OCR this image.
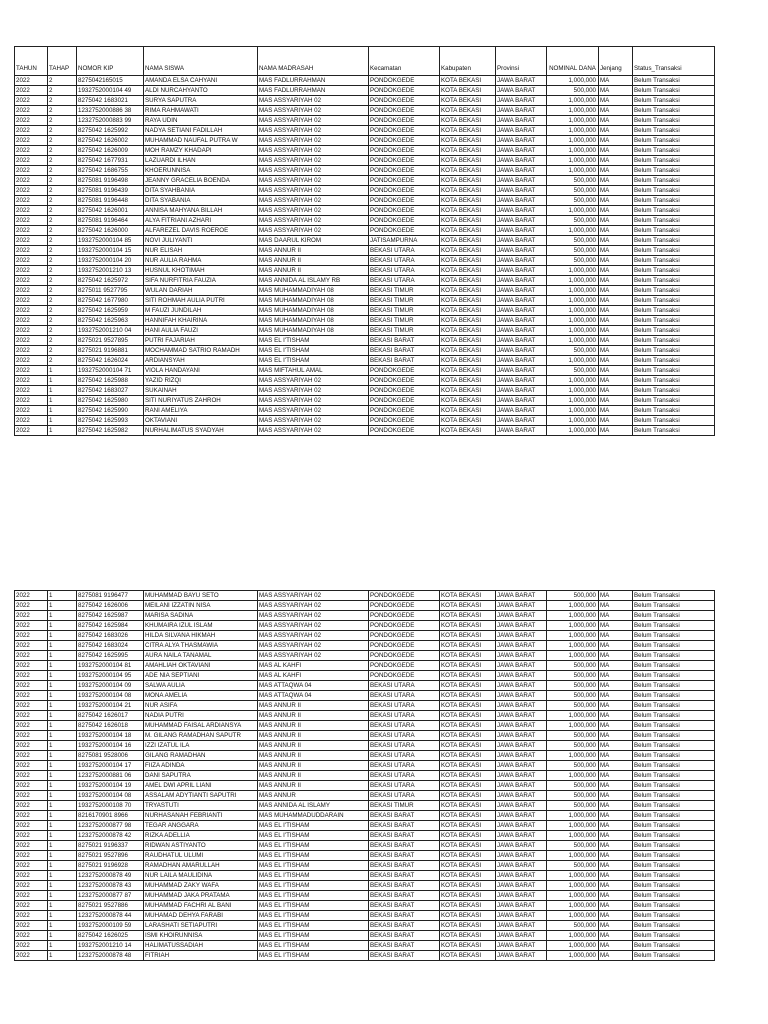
TAHUN	TAHAP	NOMOR KIP	NAMA SISWA	NAMA MADRASAH	Kecamatan	Kabupaten	Provinsi	NOMINAL DANA	Jenjang	Status_Transaksi
2022	2	8275042165015	AMANDA ELSA CAHYANI	MAS FADLURRAHMAN	PONDOKGEDE	KOTA BEKASI	JAWA BARAT	1,000,000	MA	Belum Transaksi
2022	2	1932752000104 49	ALDI NURCAHYANTO	MAS FADLURRAHMAN	PONDOKGEDE	KOTA BEKASI	JAWA BARAT	500,000	MA	Belum Transaksi
2022	2	8275042 1683021	SURYA SAPUTRA	MAS ASSYARIYAH 02	PONDOKGEDE	KOTA BEKASI	JAWA BARAT	1,000,000	MA	Belum Transaksi
2022	2	1232752000886 38	RIMA RAHMAWATI	MAS ASSYARIYAH 02	PONDOKGEDE	KOTA BEKASI	JAWA BARAT	1,000,000	MA	Belum Transaksi
2022	2	1232752000883 99	RAYA UDIN	MAS ASSYARIYAH 02	PONDOKGEDE	KOTA BEKASI	JAWA BARAT	1,000,000	MA	Belum Transaksi
2022	2	8275042 1625992	NADYA SETIANI FADILLAH	MAS ASSYARIYAH 02	PONDOKGEDE	KOTA BEKASI	JAWA BARAT	1,000,000	MA	Belum Transaksi
2022	2	8275042 1626002	MUHAMMAD NAUFAL PUTRA W	MAS ASSYARIYAH 02	PONDOKGEDE	KOTA BEKASI	JAWA BARAT	1,000,000	MA	Belum Transaksi
2022	2	8275042 1626009	MOH RAMZY KHADAPI	MAS ASSYARIYAH 02	PONDOKGEDE	KOTA BEKASI	JAWA BARAT	1,000,000	MA	Belum Transaksi
2022	2	8275042 1677931	LAZUARDI ILHAN	MAS ASSYARIYAH 02	PONDOKGEDE	KOTA BEKASI	JAWA BARAT	1,000,000	MA	Belum Transaksi
2022	2	8275042 1686755	KHOERUNNISA	MAS ASSYARIYAH 02	PONDOKGEDE	KOTA BEKASI	JAWA BARAT	1,000,000	MA	Belum Transaksi
2022	2	8275081 9196498	JEANNY GRACELIA BOENDA	MAS ASSYARIYAH 02	PONDOKGEDE	KOTA BEKASI	JAWA BARAT	500,000	MA	Belum Transaksi
2022	2	8275081 9196439	DITA SYAHBANIA	MAS ASSYARIYAH 02	PONDOKGEDE	KOTA BEKASI	JAWA BARAT	500,000	MA	Belum Transaksi
2022	2	8275081 9196448	DITA SYABANIA	MAS ASSYARIYAH 02	PONDOKGEDE	KOTA BEKASI	JAWA BARAT	500,000	MA	Belum Transaksi
2022	2	8275042 1626001	ANNISA MAHYANA BILLAH	MAS ASSYARIYAH 02	PONDOKGEDE	KOTA BEKASI	JAWA BARAT	1,000,000	MA	Belum Transaksi
2022	2	8275081 9196464	ALYA FITRIANI AZHARI	MAS ASSYARIYAH 02	PONDOKGEDE	KOTA BEKASI	JAWA BARAT	500,000	MA	Belum Transaksi
2022	2	8275042 1626000	ALFAREZEL DAVIS ROEROE	MAS ASSYARIYAH 02	PONDOKGEDE	KOTA BEKASI	JAWA BARAT	1,000,000	MA	Belum Transaksi
2022	2	1932752000104 85	NOVI JULIYANTI	MAS DAARUL KIROM	JATISAMPURNA	KOTA BEKASI	JAWA BARAT	500,000	MA	Belum Transaksi
2022	2	1932752000104 15	NUR ELISAH	MAS ANNUR II	BEKASI UTARA	KOTA BEKASI	JAWA BARAT	500,000	MA	Belum Transaksi
2022	2	1932752000104 20	NUR AULIA RAHMA	MAS ANNUR II	BEKASI UTARA	KOTA BEKASI	JAWA BARAT	500,000	MA	Belum Transaksi
2022	2	1932752001210 13	HUSNUL KHOTIMAH	MAS ANNUR II	BEKASI UTARA	KOTA BEKASI	JAWA BARAT	1,000,000	MA	Belum Transaksi
2022	2	8275042 1625972	SIFA NURFITRIA FAUZIA	MAS ANNIDA AL ISLAMY RB	BEKASI UTARA	KOTA BEKASI	JAWA BARAT	1,000,000	MA	Belum Transaksi
2022	2	8275011 9527795	WULAN DARIAH	MAS MUHAMMADIYAH 08	BEKASI TIMUR	KOTA BEKASI	JAWA BARAT	1,000,000	MA	Belum Transaksi
2022	2	8275042 1677980	SITI ROHMAH AULIA PUTRI	MAS MUHAMMADIYAH 08	BEKASI TIMUR	KOTA BEKASI	JAWA BARAT	1,000,000	MA	Belum Transaksi
2022	2	8275042 1625959	M FAUZI JUNDILAH	MAS MUHAMMADIYAH 08	BEKASI TIMUR	KOTA BEKASI	JAWA BARAT	1,000,000	MA	Belum Transaksi
2022	2	8275042 1625963	HANNIFAH KHAIRINA	MAS MUHAMMADIYAH 08	BEKASI TIMUR	KOTA BEKASI	JAWA BARAT	1,000,000	MA	Belum Transaksi
2022	2	1932752001210 04	HANI AULIA FAUZI	MAS MUHAMMADIYAH 08	BEKASI TIMUR	KOTA BEKASI	JAWA BARAT	1,000,000	MA	Belum Transaksi
2022	2	8275021 9527895	PUTRI FAJARIAH	MAS EL I'TISHAM	BEKASI BARAT	KOTA BEKASI	JAWA BARAT	1,000,000	MA	Belum Transaksi
2022	2	8275021 9196881	MOCHAMMAD SATRIO RAMADH	MAS EL I'TISHAM	BEKASI BARAT	KOTA BEKASI	JAWA BARAT	500,000	MA	Belum Transaksi
2022	2	8275042 1626024	ARDIANSYAH	MAS EL I'TISHAM	BEKASI BARAT	KOTA BEKASI	JAWA BARAT	1,000,000	MA	Belum Transaksi
2022	1	1932752000104 71	VIOLA HANDAYANI	MAS MIFTAHUL AMAL	PONDOKGEDE	KOTA BEKASI	JAWA BARAT	500,000	MA	Belum Transaksi
2022	1	8275042 1625988	YAZID RIZQI	MAS ASSYARIYAH 02	PONDOKGEDE	KOTA BEKASI	JAWA BARAT	1,000,000	MA	Belum Transaksi
2022	1	8275042 1683027	SUKAINAH	MAS ASSYARIYAH 02	PONDOKGEDE	KOTA BEKASI	JAWA BARAT	1,000,000	MA	Belum Transaksi
2022	1	8275042 1625980	SITI NURIYATUS ZAHROH	MAS ASSYARIYAH 02	PONDOKGEDE	KOTA BEKASI	JAWA BARAT	1,000,000	MA	Belum Transaksi
2022	1	8275042 1625990	RANI AMELIYA	MAS ASSYARIYAH 02	PONDOKGEDE	KOTA BEKASI	JAWA BARAT	1,000,000	MA	Belum Transaksi
2022	1	8275042 1625993	OKTAVIANI	MAS ASSYARIYAH 02	PONDOKGEDE	KOTA BEKASI	JAWA BARAT	1,000,000	MA	Belum Transaksi
2022	1	8275042 1625982	NURHALIMATUS SYADYAH	MAS ASSYARIYAH 02	PONDOKGEDE	KOTA BEKASI	JAWA BARAT	1,000,000	MA	Belum Transaksi
2022	1	8275081 9196477	MUHAMMAD BAYU SETO	MAS ASSYARIYAH 02	PONDOKGEDE	KOTA BEKASI	JAWA BARAT	500,000	MA	Belum Transaksi
2022	1	8275042 1626006	MEILANI IZZATIN NISA	MAS ASSYARIYAH 02	PONDOKGEDE	KOTA BEKASI	JAWA BARAT	1,000,000	MA	Belum Transaksi
2022	1	8275042 1625987	MARISA SADINA	MAS ASSYARIYAH 02	PONDOKGEDE	KOTA BEKASI	JAWA BARAT	1,000,000	MA	Belum Transaksi
2022	1	8275042 1625984	KHUMAIRA IZUL ISLAM	MAS ASSYARIYAH 02	PONDOKGEDE	KOTA BEKASI	JAWA BARAT	1,000,000	MA	Belum Transaksi
2022	1	8275042 1683026	HILDA SILVANA HIKMAH	MAS ASSYARIYAH 02	PONDOKGEDE	KOTA BEKASI	JAWA BARAT	1,000,000	MA	Belum Transaksi
2022	1	8275042 1683024	CITRA ALYA THASMAWIA	MAS ASSYARIYAH 02	PONDOKGEDE	KOTA BEKASI	JAWA BARAT	1,000,000	MA	Belum Transaksi
2022	1	8275042 1625995	AURA NAILA TANAMAL	MAS ASSYARIYAH 02	PONDOKGEDE	KOTA BEKASI	JAWA BARAT	1,000,000	MA	Belum Transaksi
2022	1	1932752000104 81	AMAHLIAH OKTAVIANI	MAS AL KAHFI	PONDOKGEDE	KOTA BEKASI	JAWA BARAT	500,000	MA	Belum Transaksi
2022	1	1932752000104 95	ADE NIA SEPTIANI	MAS AL KAHFI	PONDOKGEDE	KOTA BEKASI	JAWA BARAT	500,000	MA	Belum Transaksi
2022	1	1932752000104 09	SALWA AULIA	MAS ATTAQWA 04	BEKASI UTARA	KOTA BEKASI	JAWA BARAT	500,000	MA	Belum Transaksi
2022	1	1932752000104 08	MONA AMELIA	MAS ATTAQWA 04	BEKASI UTARA	KOTA BEKASI	JAWA BARAT	500,000	MA	Belum Transaksi
2022	1	1932752000104 21	NUR ASIFA	MAS ANNUR II	BEKASI UTARA	KOTA BEKASI	JAWA BARAT	500,000	MA	Belum Transaksi
2022	1	8275042 1626017	NADIA PUTRI	MAS ANNUR II	BEKASI UTARA	KOTA BEKASI	JAWA BARAT	1,000,000	MA	Belum Transaksi
2022	1	8275042 1626018	MUHAMMAD FAISAL ARDIANSYA	MAS ANNUR II	BEKASI UTARA	KOTA BEKASI	JAWA BARAT	1,000,000	MA	Belum Transaksi
2022	1	1932752000104 18	M. GILANG RAMADHAN SAPUTR	MAS ANNUR II	BEKASI UTARA	KOTA BEKASI	JAWA BARAT	500,000	MA	Belum Transaksi
2022	1	1932752000104 16	IZZI IZATUL ILA	MAS ANNUR II	BEKASI UTARA	KOTA BEKASI	JAWA BARAT	500,000	MA	Belum Transaksi
2022	1	8275081 9528006	GILANG RAMADHAN	MAS ANNUR II	BEKASI UTARA	KOTA BEKASI	JAWA BARAT	1,000,000	MA	Belum Transaksi
2022	1	1932752000104 17	FIIZA ADINDA	MAS ANNUR II	BEKASI UTARA	KOTA BEKASI	JAWA BARAT	500,000	MA	Belum Transaksi
2022	1	1232752000881 06	DANI SAPUTRA	MAS ANNUR II	BEKASI UTARA	KOTA BEKASI	JAWA BARAT	1,000,000	MA	Belum Transaksi
2022	1	1932752000104 19	AMEL DWI APRIL LIANI	MAS ANNUR II	BEKASI UTARA	KOTA BEKASI	JAWA BARAT	500,000	MA	Belum Transaksi
2022	1	1932752000104 08	ASSALAM ADYTIANTI SAPUTRI	MAS ANNUR	BEKASI UTARA	KOTA BEKASI	JAWA BARAT	500,000	MA	Belum Transaksi
2022	1	1932752000108 70	TRYASTUTI	MAS ANNIDA AL ISLAMY	BEKASI TIMUR	KOTA BEKASI	JAWA BARAT	500,000	MA	Belum Transaksi
2022	1	8216170901 8966	NURHASANAH FEBRIANTI	MAS MUHAMMADUDDARAIN	BEKASI BARAT	KOTA BEKASI	JAWA BARAT	1,000,000	MA	Belum Transaksi
2022	1	1232752000877 98	TEGAR ANGGARA	MAS EL I'TISHAM	BEKASI BARAT	KOTA BEKASI	JAWA BARAT	1,000,000	MA	Belum Transaksi
2022	1	1232752000878 42	RIZKA ADELLIA	MAS EL I'TISHAM	BEKASI BARAT	KOTA BEKASI	JAWA BARAT	1,000,000	MA	Belum Transaksi
2022	1	8275021 9196337	RIDWAN ASTIYANTO	MAS EL I'TISHAM	BEKASI BARAT	KOTA BEKASI	JAWA BARAT	500,000	MA	Belum Transaksi
2022	1	8275021 9527896	RAUDHATUL ULUMI	MAS EL I'TISHAM	BEKASI BARAT	KOTA BEKASI	JAWA BARAT	1,000,000	MA	Belum Transaksi
2022	1	8275021 9196928	RAMADHAN AMARULLAH	MAS EL I'TISHAM	BEKASI BARAT	KOTA BEKASI	JAWA BARAT	500,000	MA	Belum Transaksi
2022	1	1232752000878 49	NUR LAILA MAULIDINA	MAS EL I'TISHAM	BEKASI BARAT	KOTA BEKASI	JAWA BARAT	1,000,000	MA	Belum Transaksi
2022	1	1232752000878 43	MUHAMMAD ZAKY WAFA	MAS EL I'TISHAM	BEKASI BARAT	KOTA BEKASI	JAWA BARAT	1,000,000	MA	Belum Transaksi
2022	1	1232752000877 87	MUHAMMAD JAKA PRATAMA	MAS EL I'TISHAM	BEKASI BARAT	KOTA BEKASI	JAWA BARAT	1,000,000	MA	Belum Transaksi
2022	1	8275021 9527886	MUHAMMAD FACHRI AL BANI	MAS EL I'TISHAM	BEKASI BARAT	KOTA BEKASI	JAWA BARAT	1,000,000	MA	Belum Transaksi
2022	1	1232752000878 44	MUHAMAD DEHYA FARABI	MAS EL I'TISHAM	BEKASI BARAT	KOTA BEKASI	JAWA BARAT	1,000,000	MA	Belum Transaksi
2022	1	1932752000109 59	LARASHATI SETIAPUTRI	MAS EL I'TISHAM	BEKASI BARAT	KOTA BEKASI	JAWA BARAT	500,000	MA	Belum Transaksi
2022	1	8275042 1626025	ISMI KHOIRUNNISA	MAS EL I'TISHAM	BEKASI BARAT	KOTA BEKASI	JAWA BARAT	1,000,000	MA	Belum Transaksi
2022	1	1932752001210 14	HALIMATUSSADIAH	MAS EL I'TISHAM	BEKASI BARAT	KOTA BEKASI	JAWA BARAT	1,000,000	MA	Belum Transaksi
2022	1	1232752000878 48	FITRIAH	MAS EL I'TISHAM	BEKASI BARAT	KOTA BEKASI	JAWA BARAT	1,000,000	MA	Belum Transaksi
